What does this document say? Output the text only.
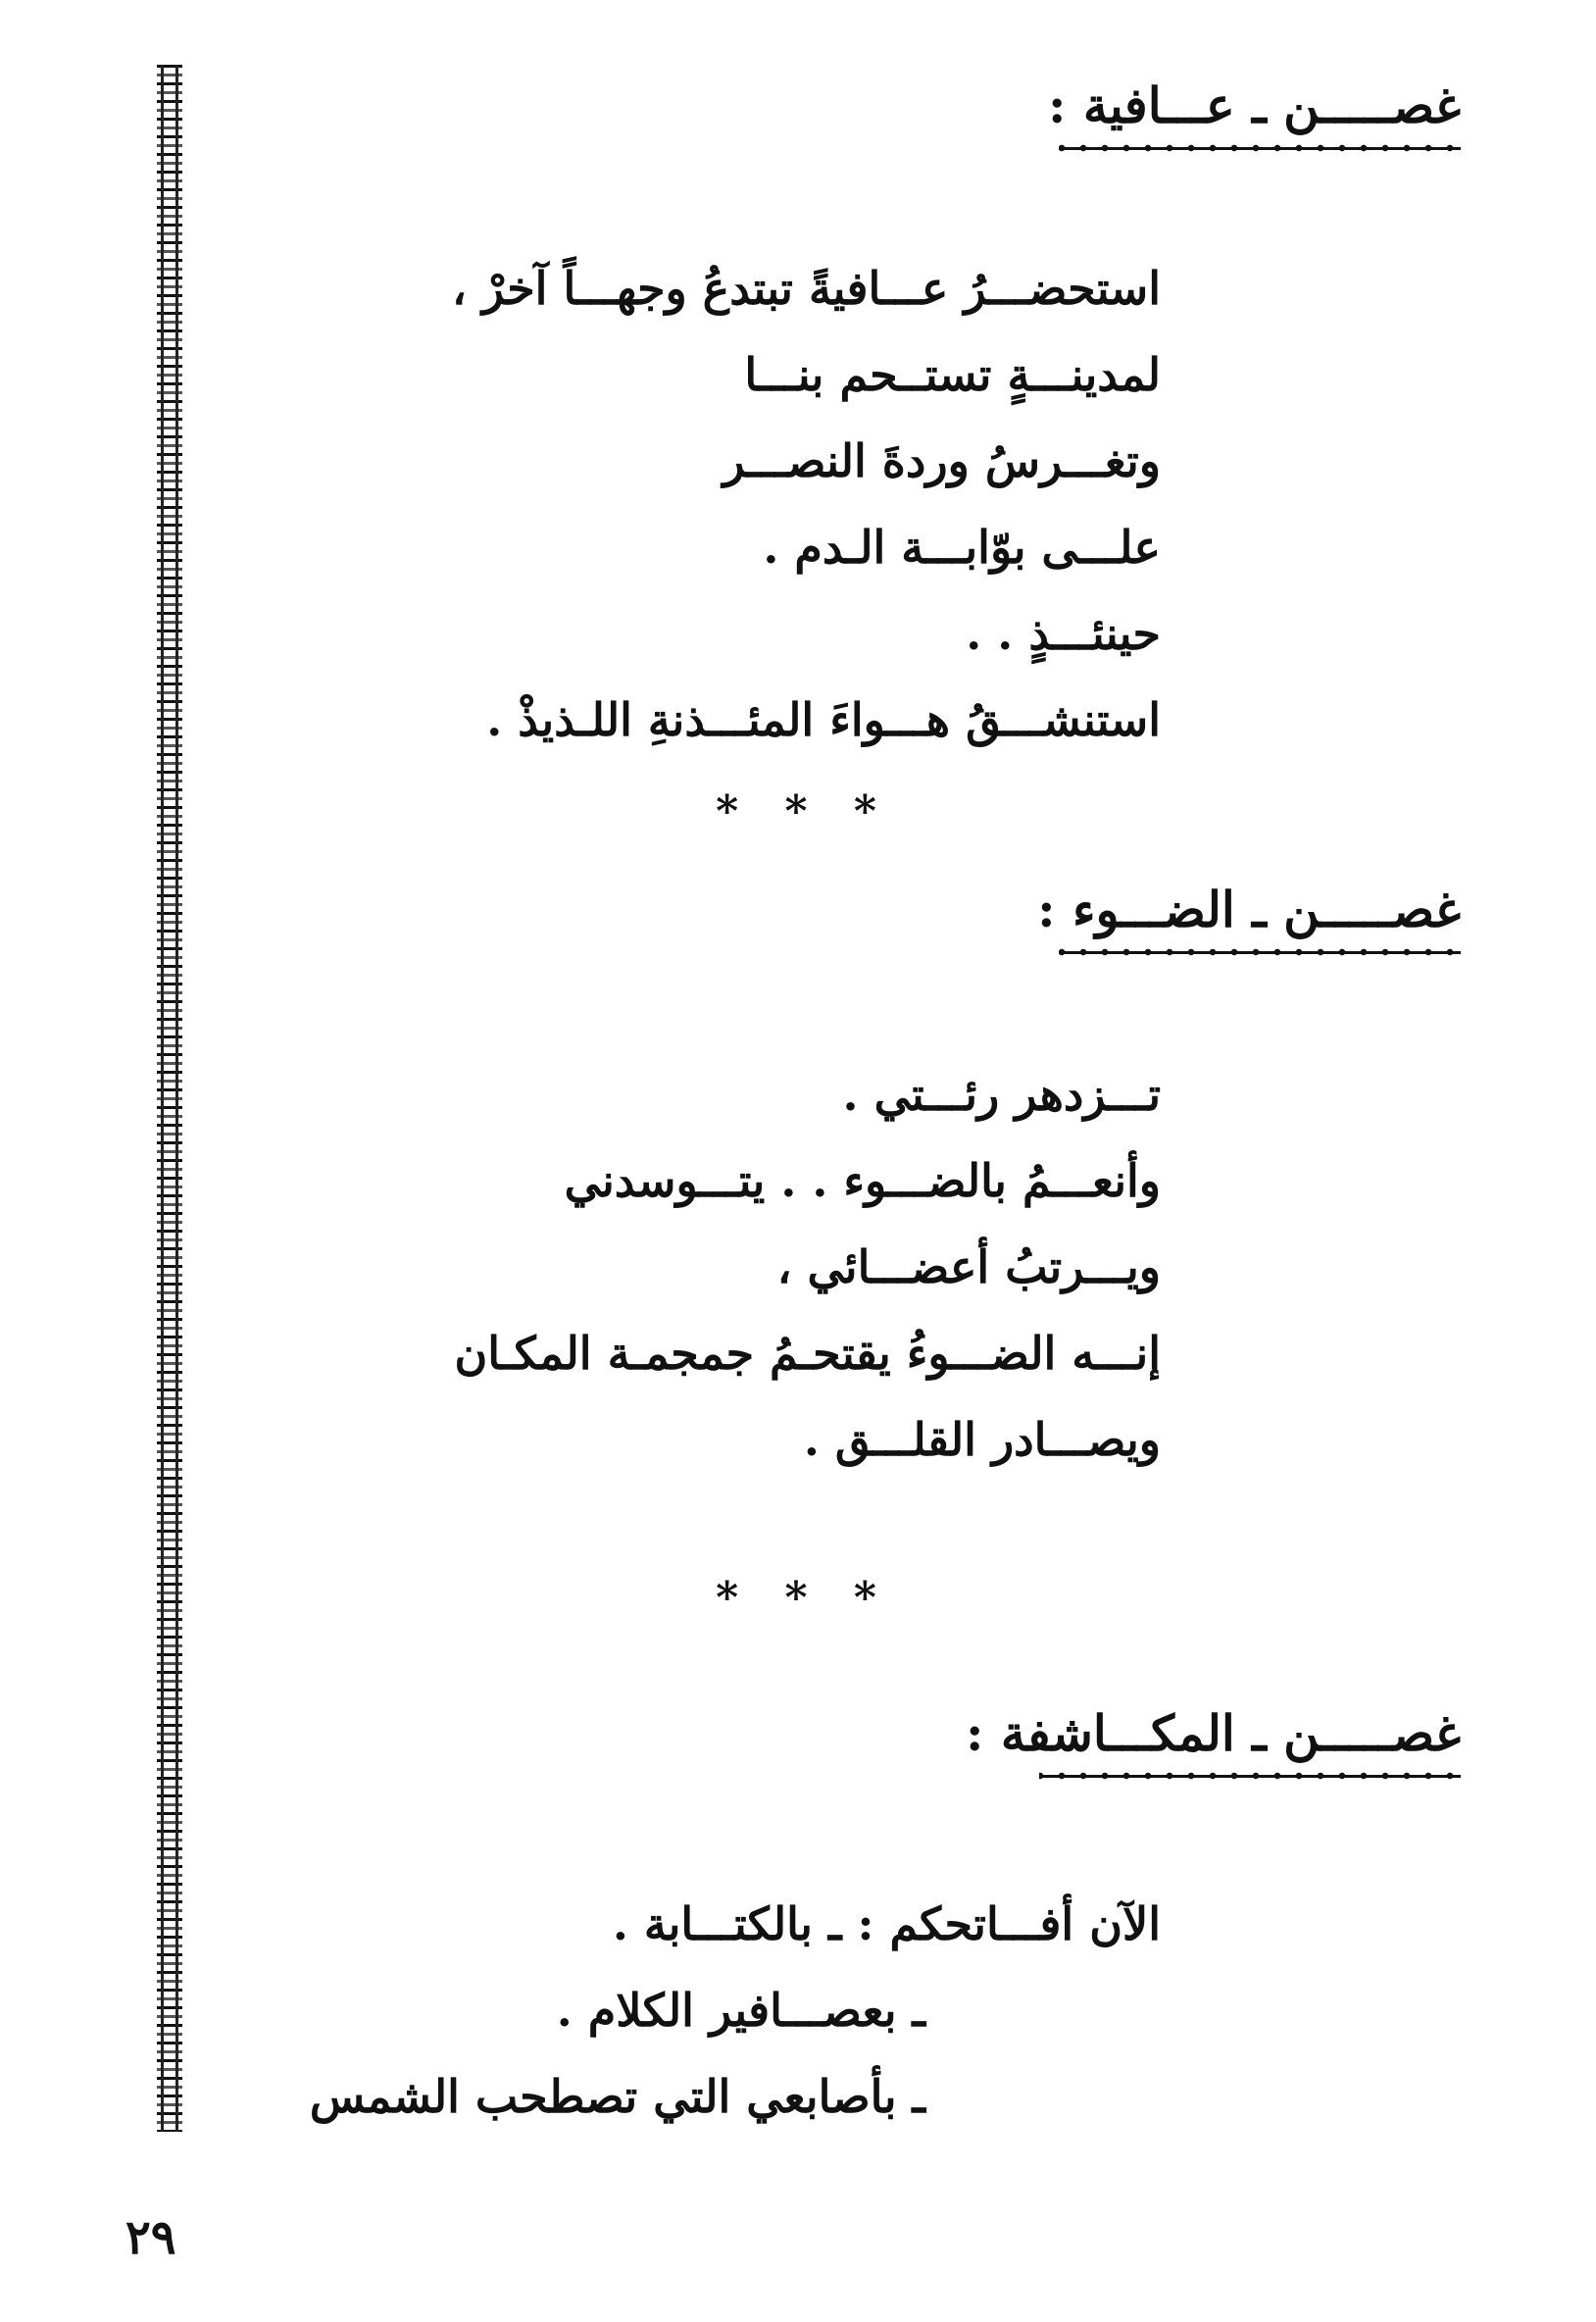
غصـــــن ـ عـــافية :
استحضـــرُ عـــافيةً تبتدعُ وجهـــاً آخرْ ،
لمدينـــةٍ تستــحم بنـــا
وتغـــرسُ وردةَ النصـــر
علـــى بوّابـــة الـدم .
حينئـــذٍ . .
استنشـــقُ هـــواءَ المئـــذنةِ اللـذيذْ .
* * *
غصـــــن ـ الضـــوء :
تـــزدهر رئـــتي .
وأنعـــمُ بالضـــوء . . يتـــوسدني
ويـــرتبُ أعضـــائي ،
إنـــه الضـــوءُ يقتحـمُ جمجمـة المكـان
ويصـــادر القلـــق .
* * *
غصـــــن ـ المكـــاشفة :
الآن أفـــاتحكم : ـ بالكتـــابة .
ـ بعصـــافير الكلام .
ـ بأصابعي التي تصطحب الشمس
٢٩
